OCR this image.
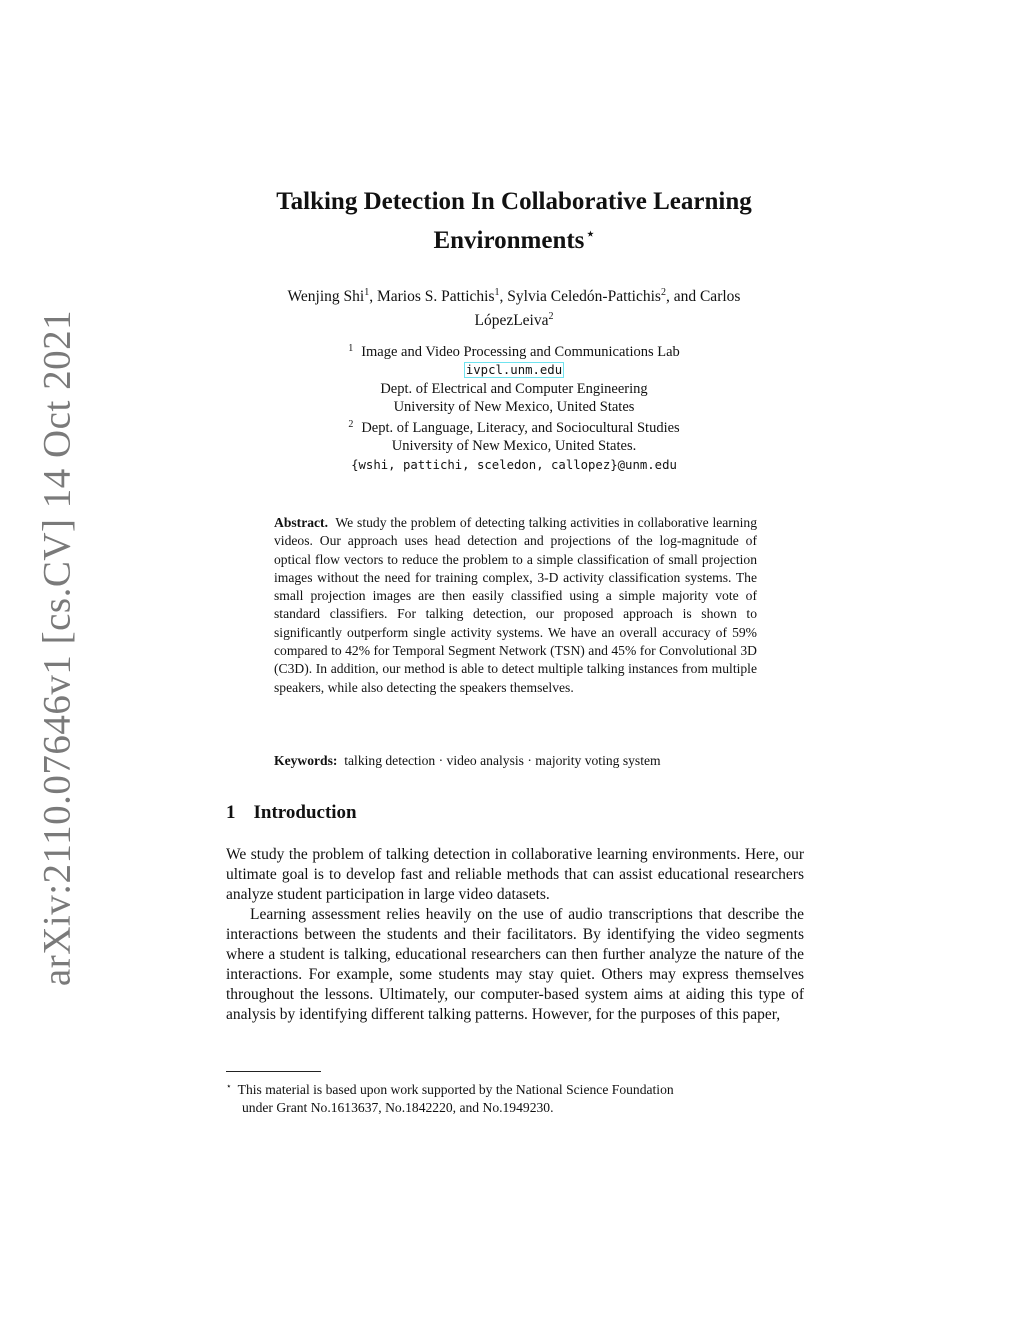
arXiv:2110.07646v1 [cs.CV] 14 Oct 2021
Talking Detection In Collaborative Learning
Environments ⋆
Wenjing Shi$^1$, Marios S. Pattichis$^1$, Sylvia Celedón-Pattichis$^2$, and Carlos
LópezLeiva$^2$
$^1$ Image and Video Processing and Communications Lab
ivpcl.unm.edu
Dept. of Electrical and Computer Engineering
University of New Mexico, United States
$^2$ Dept. of Language, Literacy, and Sociocultural Studies
University of New Mexico, United States.
{wshi, pattichi, sceledon, callopez}@unm.edu
Abstract. We study the problem of detecting talking activities in collaborative learning videos. Our approach uses head detection and projections of the log-magnitude of optical flow vectors to reduce the problem to a simple classification of small projection images without the need for training complex, 3-D activity classification systems. The small projection images are then easily classified using a simple majority vote of standard classifiers. For talking detection, our proposed approach is shown to significantly outperform single activity systems. We have an overall accuracy of 59% compared to 42% for Temporal Segment Network (TSN) and 45% for Convolutional 3D (C3D). In addition, our method is able to detect multiple talking instances from multiple speakers, while also detecting the speakers themselves.
Keywords: talking detection · video analysis · majority voting system
1 Introduction

We study the problem of talking detection in collaborative learning environments. Here, our ultimate goal is to develop fast and reliable methods that can assist educational researchers analyze student participation in large video datasets.

Learning assessment relies heavily on the use of audio transcriptions that describe the interactions between the students and their facilitators. By identifying the video segments where a student is talking, educational researchers can then further analyze the nature of the interactions. For example, some students may stay quiet. Others may express themselves throughout the lessons. Ultimately, our computer-based system aims at aiding this type of analysis by identifying different talking patterns. However, for the purposes of this paper,

⋆ This material is based upon work supported by the National Science Foundation
under Grant No.1613637, No.1842220, and No.1949230.
